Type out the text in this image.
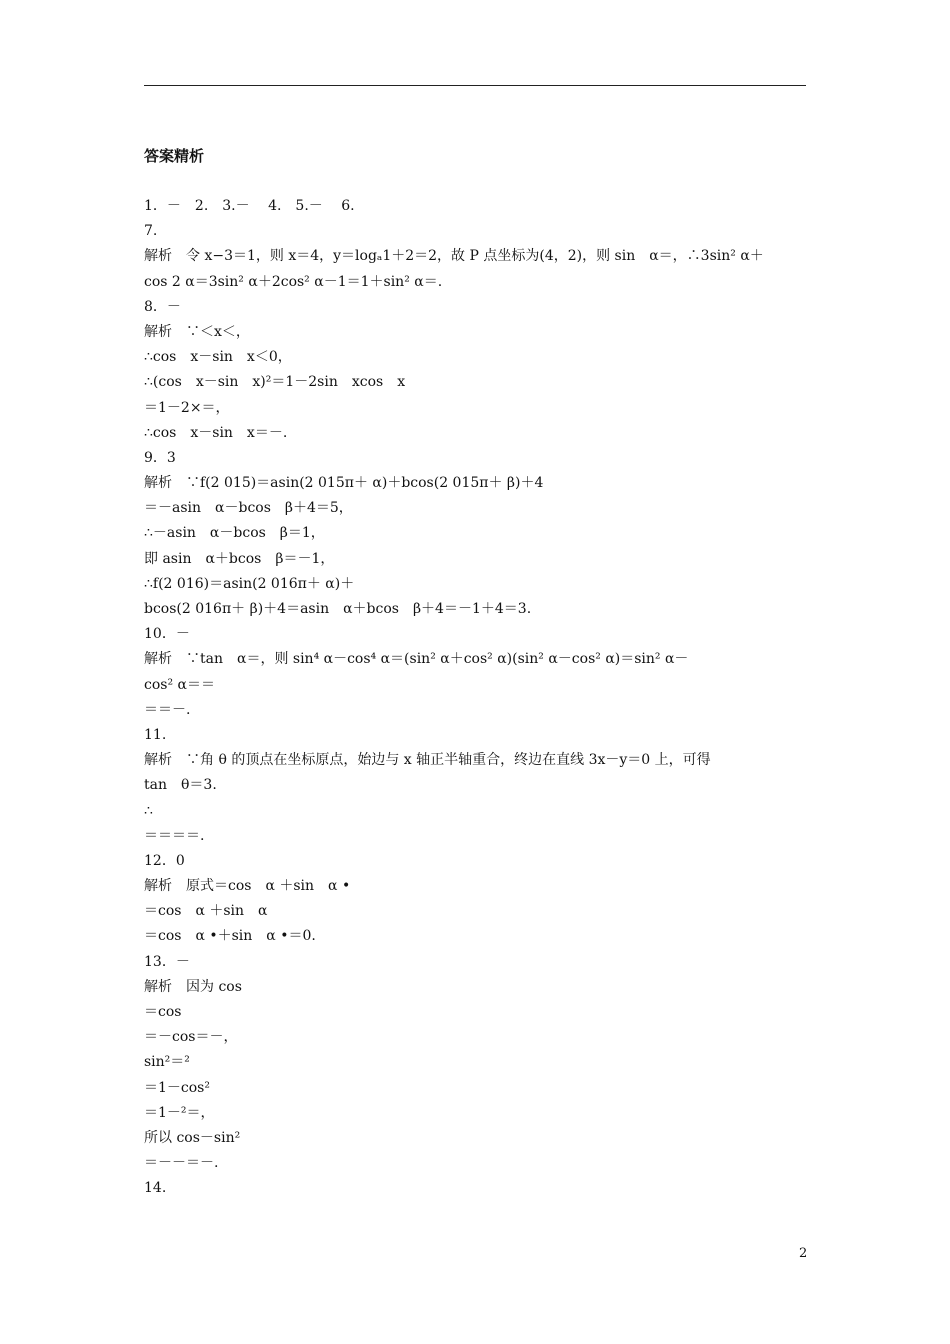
答案精析
1．－　2.　3.－　 4.　5.－　 6.
7.
解析　令 x−3＝1，则 x＝4，y＝logₐ1＋2＝2，故 P 点坐标为(4，2)，则 sin　α＝，∴3sin² α＋
cos 2 α＝3sin² α＋2cos² α－1＝1＋sin² α＝.
8．－
解析　∵＜x＜，
∴cos　x－sin　x＜0，
∴(cos　x－sin　x)²＝1－2sin　xcos　x
＝1－2×＝，
∴cos　x－sin　x＝－.
9．3
解析　∵f(2 015)＝asin(2 015π＋ α)＋bcos(2 015π＋ β)＋4
＝－asin　α－bcos　β＋4＝5，
∴－asin　α－bcos　β＝1，
即 asin　α＋bcos　β＝－1，
∴f(2 016)＝asin(2 016π＋ α)＋
bcos(2 016π＋ β)＋4＝asin　α＋bcos　β＋4＝－1＋4＝3.
10．－
解析　∵tan　α＝，则 sin⁴ α－cos⁴ α＝(sin² α＋cos² α)(sin² α－cos² α)＝sin² α－
cos² α＝＝
＝＝－.
11.
解析　∵角 θ 的顶点在坐标原点，始边与 x 轴正半轴重合，终边在直线 3x－y＝0 上，可得
tan　θ＝3.
∴
＝＝＝＝.
12．0
解析　原式＝cos　α ＋sin　α •
＝cos　α ＋sin　α
＝cos　α •＋sin　α •＝0.
13．－
解析　因为 cos
＝cos
＝－cos＝－，
sin²＝²
＝1－cos²
＝1－²＝，
所以 cos－sin²
＝－－＝－.
14.
2
